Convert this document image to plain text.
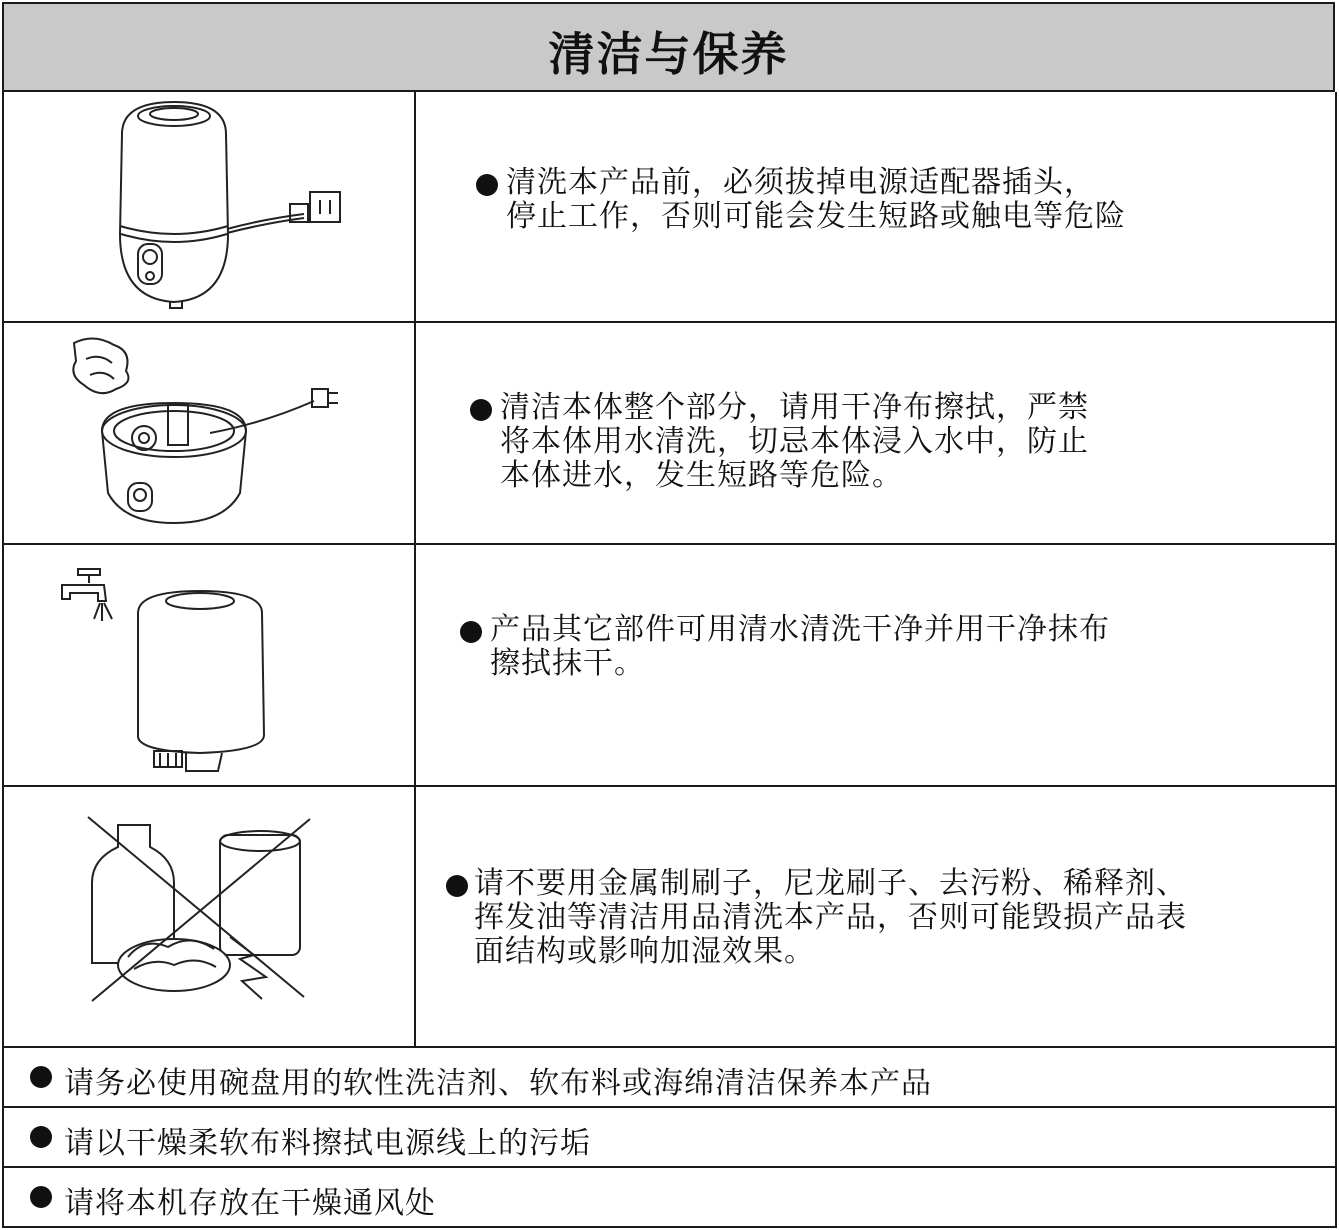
清洁与保养
清洗本产品前，必须拔掉电源适配器插头，
停止工作，否则可能会发生短路或触电等危险
清洁本体整个部分，请用干净布擦拭，严禁
将本体用水清洗，切忌本体浸入水中，防止
本体进水，发生短路等危险。
产品其它部件可用清水清洗干净并用干净抹布
擦拭抹干。
请不要用金属制刷子，尼龙刷子、去污粉、稀释剂、
挥发油等清洁用品清洗本产品，否则可能毁损产品表
面结构或影响加湿效果。
请务必使用碗盘用的软性洗洁剂、软布料或海绵清洁保养本产品
请以干燥柔软布料擦拭电源线上的污垢
请将本机存放在干燥通风处
